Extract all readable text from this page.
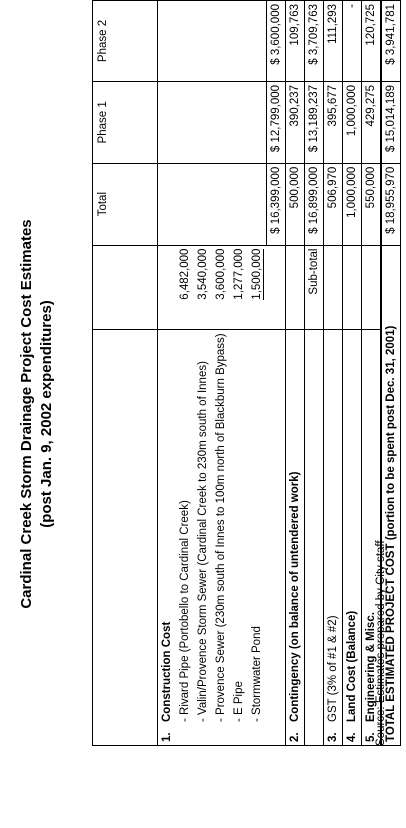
Cardinal Creek Storm Drainage Project Cost Estimates (post Jan. 9, 2002 expenditures)
		Total	Phase 1	Phase 2
1.Construction Cost				
- Rivard Pipe (Portobello to Cardinal Creek)	6,482,000			
- Valin/Provence Storm Sewer (Cardinal Creek to 230m south of Innes)	3,540,000			
- Provence Sewer (230m south of Innes to 100m north of Blackburn Bypass)	3,600,000			
- E Pipe	1,277,000			
- Stormwater Pond	1,500,000			
		$ 16,399,000	$ 12,799,000	$ 3,600,000
2.Contingency (on balance of untendered work)		500,000	390,237	109,763
	Sub-total	$ 16,899,000	$ 13,189,237	$ 3,709,763
3.GST (3% of #1 & #2)		506,970	395,677	111,293
4.Land Cost (Balance)		1,000,000	1,000,000	-
5.Engineering & Misc.		550,000	429,275	120,725
TOTAL ESTIMATED PROJECT COST (portion to be spent post Dec. 31, 2001)		$ 18,955,970	$ 15,014,189	$ 3,941,781
Source: Estimates prepared by City staff
